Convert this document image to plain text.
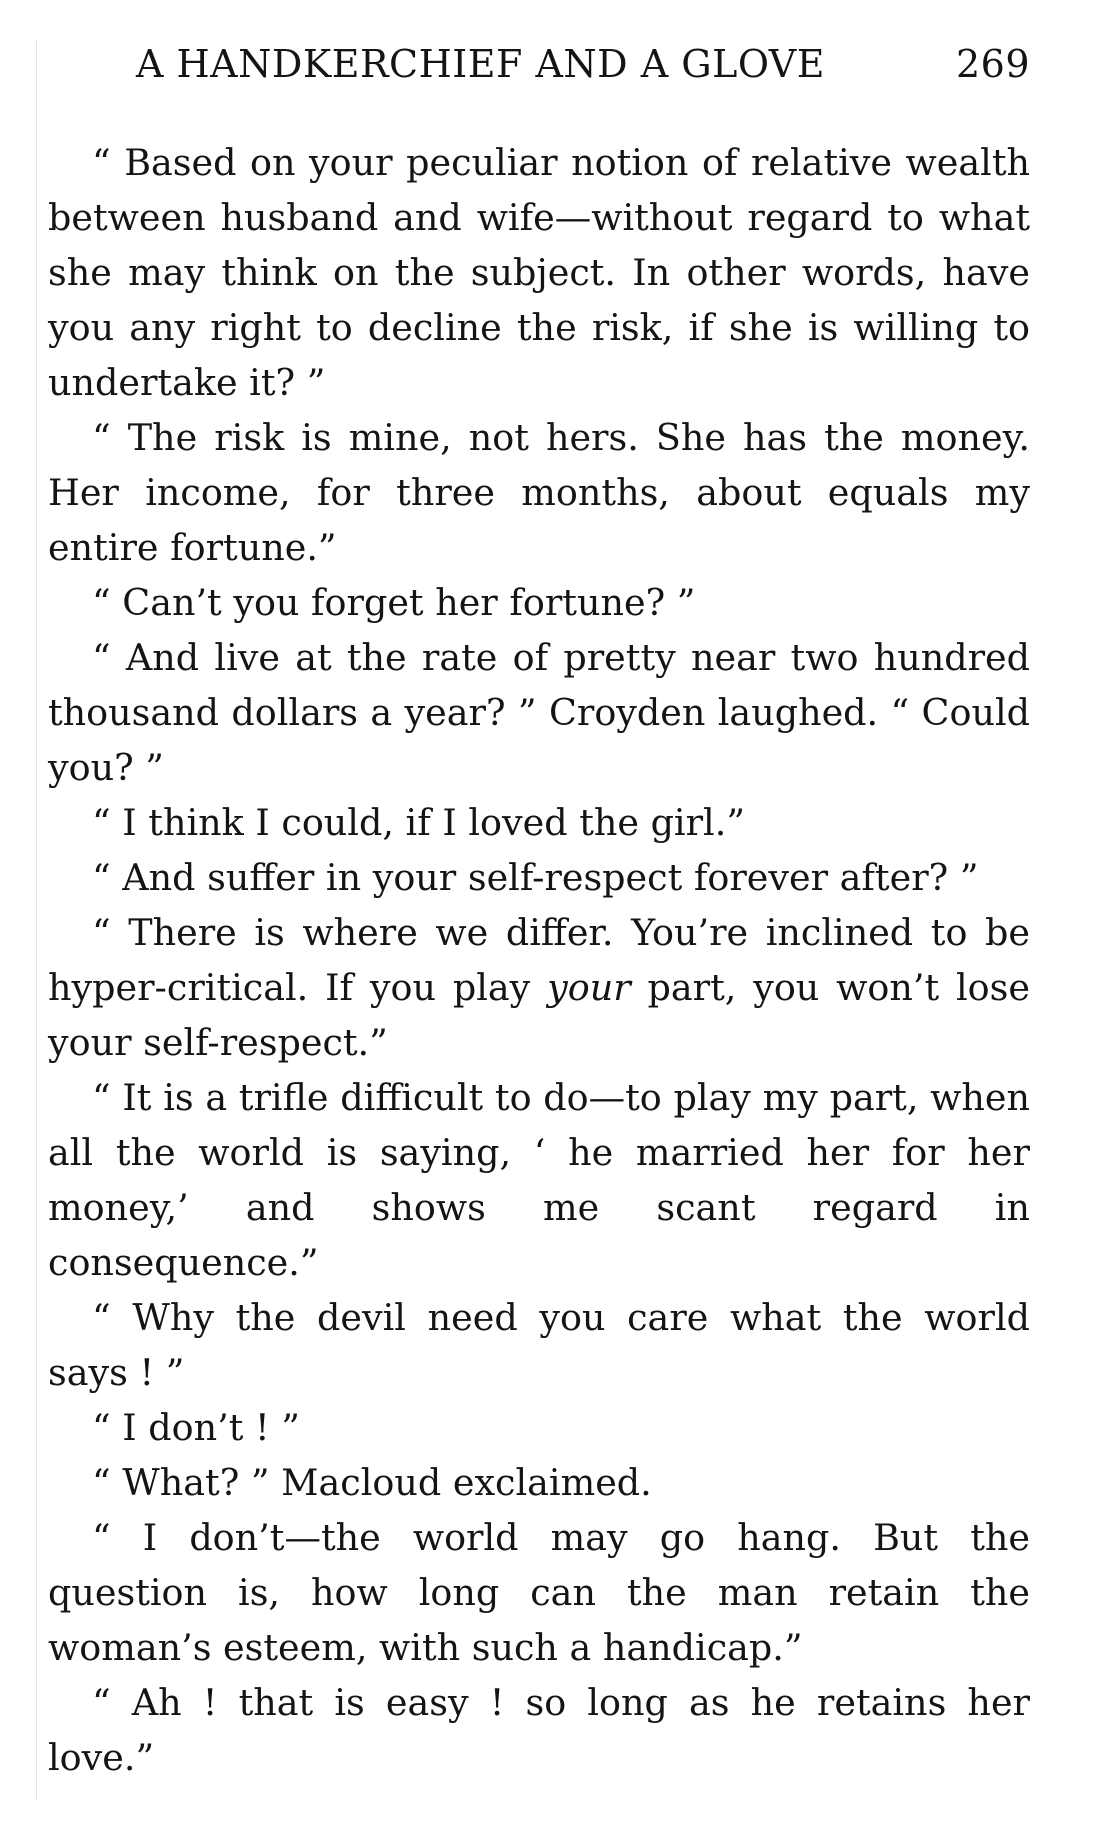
A HANDKERCHIEF AND A GLOVE	269

“ Based on your peculiar notion of relative wealth between husband and wife—without regard to what she may think on the subject. In other words, have you any right to decline the risk, if she is willing to undertake it? ”

“ The risk is mine, not hers. She has the money. Her income, for three months, about equals my entire fortune.”

“ Can’t you forget her fortune? ”

“ And live at the rate of pretty near two hundred thousand dollars a year? ” Croyden laughed. “ Could you? ”

“ I think I could, if I loved the girl.”

“ And suffer in your self-respect forever after? ”

“ There is where we differ. You’re inclined to be hyper-critical. If you play your part, you won’t lose your self-respect.”

“ It is a trifle difficult to do—to play my part, when all the world is saying, ‘ he married her for her money,’ and shows me scant regard in consequence.”

“ Why the devil need you care what the world says ! ”

“ I don’t ! ”

“ What? ” Macloud exclaimed.

“ I don’t—the world may go hang. But the question is, how long can the man retain the woman’s esteem, with such a handicap.”

“ Ah ! that is easy ! so long as he retains her love.”
